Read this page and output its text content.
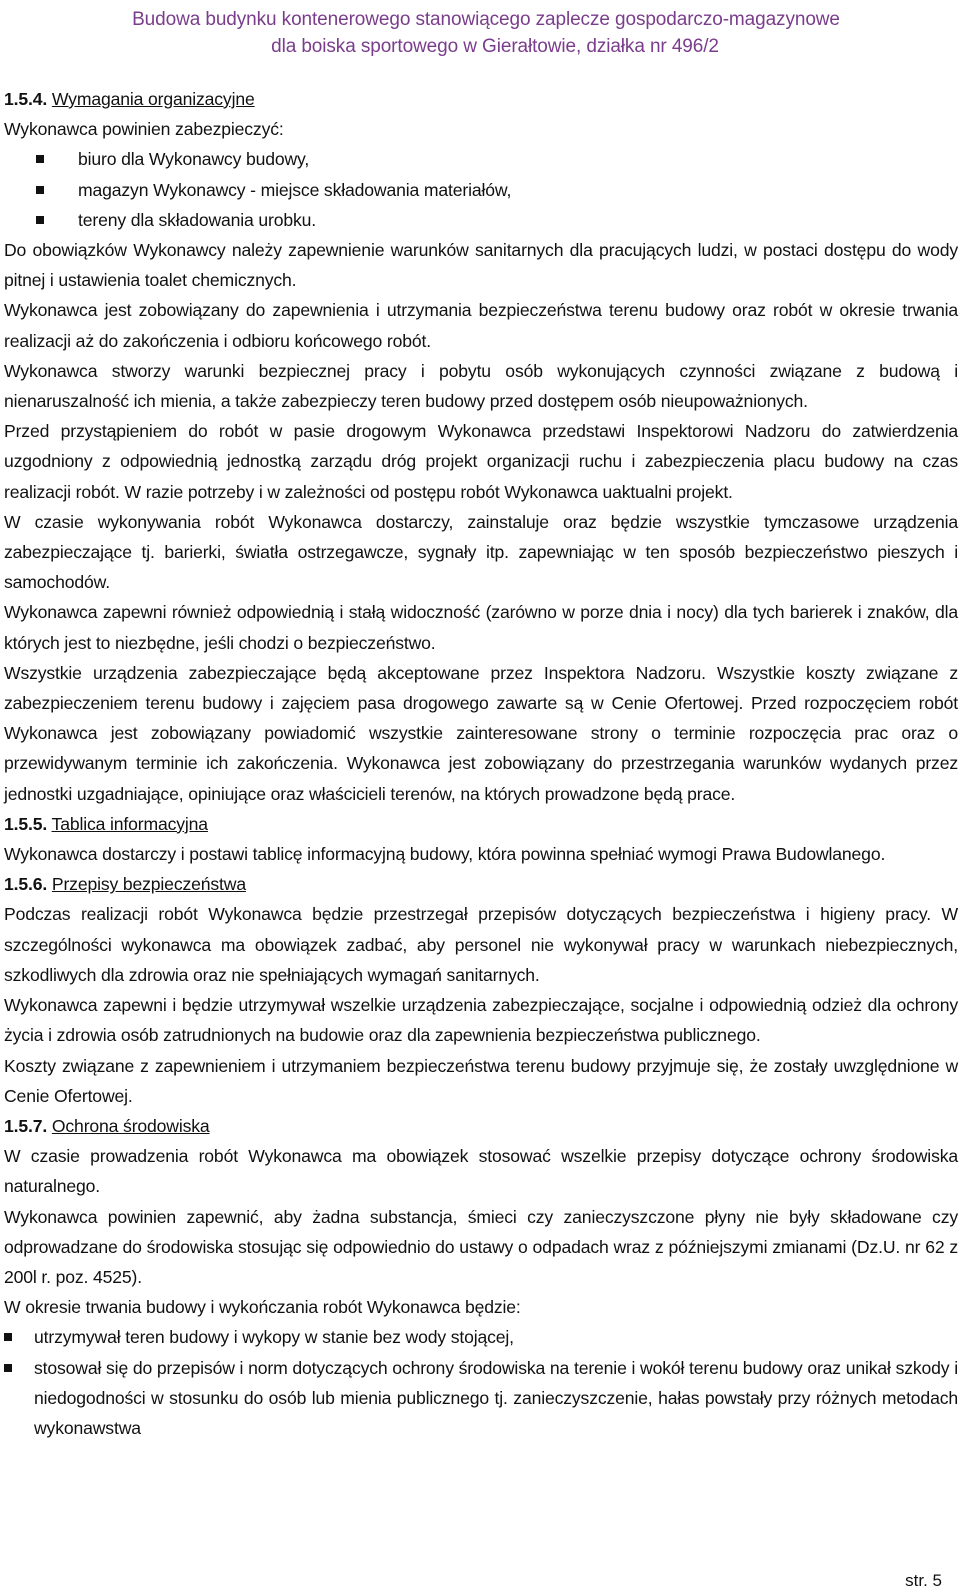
Budowa budynku kontenerowego stanowiącego zaplecze gospodarczo-magazynowe
dla boiska sportowego w Gierałtowie, działka nr 496/2
1.5.4. Wymagania organizacyjne

Wykonawca powinien zabezpieczyć:

biuro dla Wykonawcy budowy,
magazyn Wykonawcy - miejsce składowania materiałów,
tereny dla składowania urobku.

Do obowiązków Wykonawcy należy zapewnienie warunków sanitarnych dla pracujących ludzi, w postaci dostępu do wody pitnej i ustawienia toalet chemicznych.

Wykonawca jest zobowiązany do zapewnienia i utrzymania bezpieczeństwa terenu budowy oraz robót w okresie trwania realizacji aż do zakończenia i odbioru końcowego robót.

Wykonawca stworzy warunki bezpiecznej pracy i pobytu osób wykonujących czynności związane z budową i nienaruszalność ich mienia, a także zabezpieczy teren budowy przed dostępem osób nieupoważnionych.

Przed przystąpieniem do robót w pasie drogowym Wykonawca przedstawi Inspektorowi Nadzoru do zatwierdzenia uzgodniony z odpowiednią jednostką zarządu dróg projekt organizacji ruchu i zabezpieczenia placu budowy na czas realizacji robót. W razie potrzeby i w zależności od postępu robót Wykonawca uaktualni projekt.

W czasie wykonywania robót Wykonawca dostarczy, zainstaluje oraz będzie wszystkie tymczasowe urządzenia zabezpieczające tj. barierki, światła ostrzegawcze, sygnały itp. zapewniając w ten sposób bezpieczeństwo pieszych i samochodów.

Wykonawca zapewni również odpowiednią i stałą widoczność (zarówno w porze dnia i nocy) dla tych barierek i znaków, dla których jest to niezbędne, jeśli chodzi o bezpieczeństwo.

Wszystkie urządzenia zabezpieczające będą akceptowane przez Inspektora Nadzoru. Wszystkie koszty związane z zabezpieczeniem terenu budowy i zajęciem pasa drogowego zawarte są w Cenie Ofertowej. Przed rozpoczęciem robót Wykonawca jest zobowiązany powiadomić wszystkie zainteresowane strony o terminie rozpoczęcia prac oraz o przewidywanym terminie ich zakończenia. Wykonawca jest zobowiązany do przestrzegania warunków wydanych przez jednostki uzgadniające, opiniujące oraz właścicieli terenów, na których prowadzone będą prace.

1.5.5. Tablica informacyjna

Wykonawca dostarczy i postawi tablicę informacyjną budowy, która powinna spełniać wymogi Prawa Budowlanego.

1.5.6. Przepisy bezpieczeństwa

Podczas realizacji robót Wykonawca będzie przestrzegał przepisów dotyczących bezpieczeństwa i higieny pracy. W szczególności wykonawca ma obowiązek zadbać, aby personel nie wykonywał pracy w warunkach niebezpiecznych, szkodliwych dla zdrowia oraz nie spełniających wymagań sanitarnych.

Wykonawca zapewni i będzie utrzymywał wszelkie urządzenia zabezpieczające, socjalne i odpowiednią odzież dla ochrony życia i zdrowia osób zatrudnionych na budowie oraz dla zapewnienia bezpieczeństwa publicznego.

Koszty związane z zapewnieniem i utrzymaniem bezpieczeństwa terenu budowy przyjmuje się, że zostały uwzględnione w Cenie Ofertowej.

1.5.7. Ochrona środowiska

W czasie prowadzenia robót Wykonawca ma obowiązek stosować wszelkie przepisy dotyczące ochrony środowiska naturalnego.

Wykonawca powinien zapewnić, aby żadna substancja, śmieci czy zanieczyszczone płyny nie były składowane czy odprowadzane do środowiska stosując się odpowiednio do ustawy o odpadach wraz z późniejszymi zmianami (Dz.U. nr 62 z 200l r. poz. 4525).

W okresie trwania budowy i wykończania robót Wykonawca będzie:

utrzymywał teren budowy i wykopy w stanie bez wody stojącej,
stosował się do przepisów i norm dotyczących ochrony środowiska na terenie i wokół terenu budowy oraz unikał szkody i niedogodności w stosunku do osób lub mienia publicznego tj. zanieczyszczenie, hałas powstały przy różnych metodach wykonawstwa
str. 5
